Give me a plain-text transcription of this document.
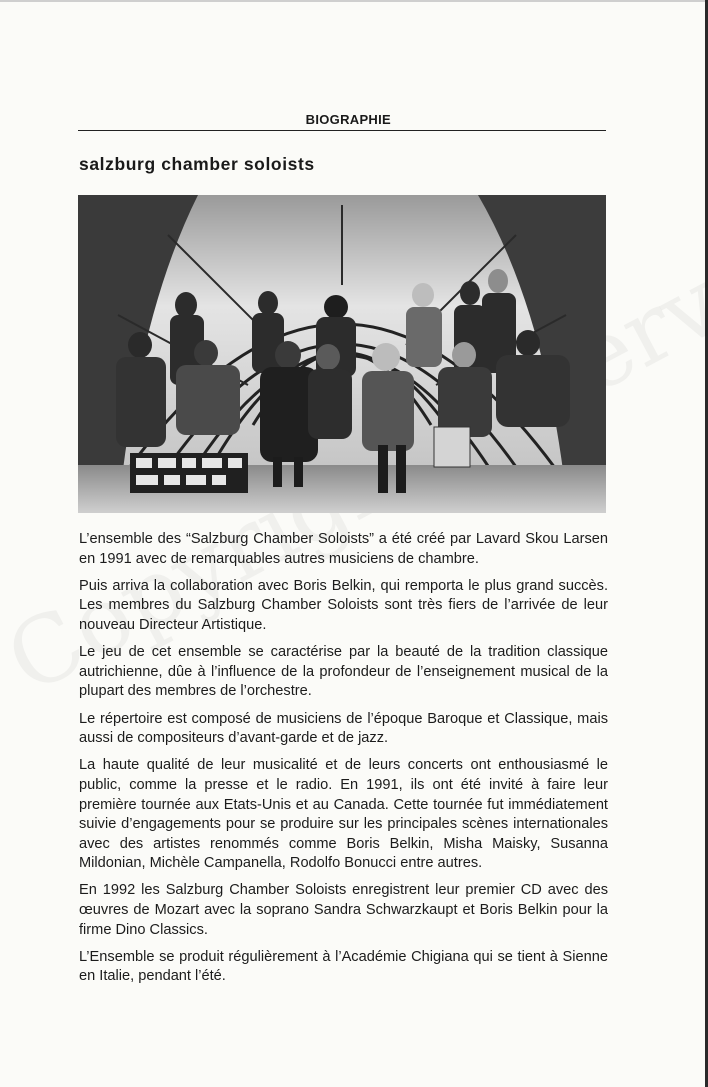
BIOGRAPHIE
salzburg chamber soloists

L’ensemble des “Salzburg Chamber Soloists” a été créé par Lavard Skou Larsen en 1991 avec de remarquables autres musiciens de chambre.

Puis arriva la collaboration avec Boris Belkin, qui remporta le plus grand succès. Les membres du Salzburg Chamber Soloists sont très fiers de l’arrivée de leur nouveau Directeur Artistique.

Le jeu de cet ensemble se caractérise par la beauté de la tradition classique autrichienne, dûe à l’influence de la profondeur de l’enseignement musical de la plupart des membres de l’orchestre.

Le répertoire est composé de musiciens de l’époque Baroque et Classique, mais aussi de compositeurs d’avant-garde et de jazz.

La haute qualité de leur musicalité et de leurs concerts ont enthousiasmé le public, comme la presse et le radio. En 1991, ils ont été invité à faire leur première tournée aux Etats-Unis et au Canada. Cette tournée fut immédiatement suivie d’engagements pour se produire sur les principales scènes internationales avec des artistes renommés comme Boris Belkin, Misha Maisky, Susanna Mildonian, Michèle Campanella, Rodolfo Bonucci entre autres.

En 1992 les Salzburg Chamber Soloists enregistrent leur premier CD avec des œuvres de Mozart avec la soprano Sandra Schwarzkaupt et Boris Belkin pour la firme Dino Classics.

L’Ensemble se produit régulièrement à l’Académie Chigiana qui se tient à Sienne en Italie, pendant l’été.
